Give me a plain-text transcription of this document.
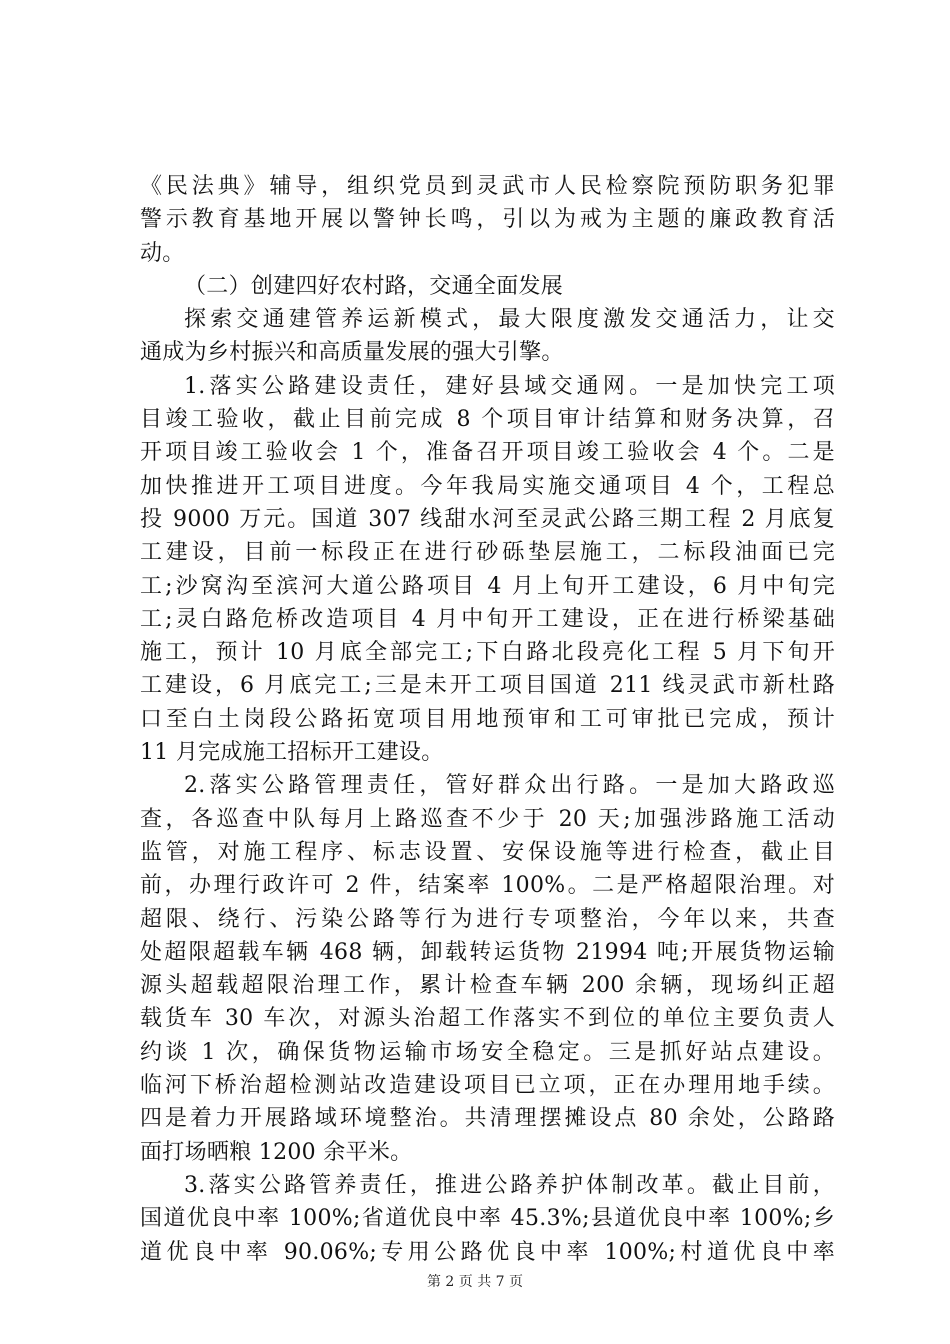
《民法典》辅导，组织党员到灵武市人民检察院预防职务犯罪
警示教育基地开展以警钟长鸣，引以为戒为主题的廉政教育活
动。
（二）创建四好农村路，交通全面发展
探索交通建管养运新模式，最大限度激发交通活力，让交
通成为乡村振兴和高质量发展的强大引擎。
1.落实公路建设责任，建好县域交通网。一是加快完工项
目竣工验收，截止目前完成 8 个项目审计结算和财务决算，召
开项目竣工验收会 1 个，准备召开项目竣工验收会 4 个。二是
加快推进开工项目进度。今年我局实施交通项目 4 个，工程总
投 9000 万元。国道 307 线甜水河至灵武公路三期工程 2 月底复
工建设，目前一标段正在进行砂砾垫层施工，二标段油面已完
工;沙窝沟至滨河大道公路项目 4 月上旬开工建设，6 月中旬完
工;灵白路危桥改造项目 4 月中旬开工建设，正在进行桥梁基础
施工，预计 10 月底全部完工;下白路北段亮化工程 5 月下旬开
工建设，6 月底完工;三是未开工项目国道 211 线灵武市新杜路
口至白土岗段公路拓宽项目用地预审和工可审批已完成，预计
11 月完成施工招标开工建设。
2.落实公路管理责任，管好群众出行路。一是加大路政巡
查，各巡查中队每月上路巡查不少于 20 天;加强涉路施工活动
监管，对施工程序、标志设置、安保设施等进行检查，截止目
前，办理行政许可 2 件，结案率 100%。二是严格超限治理。对
超限、绕行、污染公路等行为进行专项整治，今年以来，共查
处超限超载车辆 468 辆，卸载转运货物 21994 吨;开展货物运输
源头超载超限治理工作，累计检查车辆 200 余辆，现场纠正超
载货车 30 车次，对源头治超工作落实不到位的单位主要负责人
约谈 1 次，确保货物运输市场安全稳定。三是抓好站点建设。
临河下桥治超检测站改造建设项目已立项，正在办理用地手续。
四是着力开展路域环境整治。共清理摆摊设点 80 余处，公路路
面打场晒粮 1200 余平米。
3.落实公路管养责任，推进公路养护体制改革。截止目前，
国道优良中率 100%;省道优良中率 45.3%;县道优良中率 100%;乡
道优良中率 90.06%;专用公路优良中率 100%;村道优良中率
第 2 页 共 7 页
